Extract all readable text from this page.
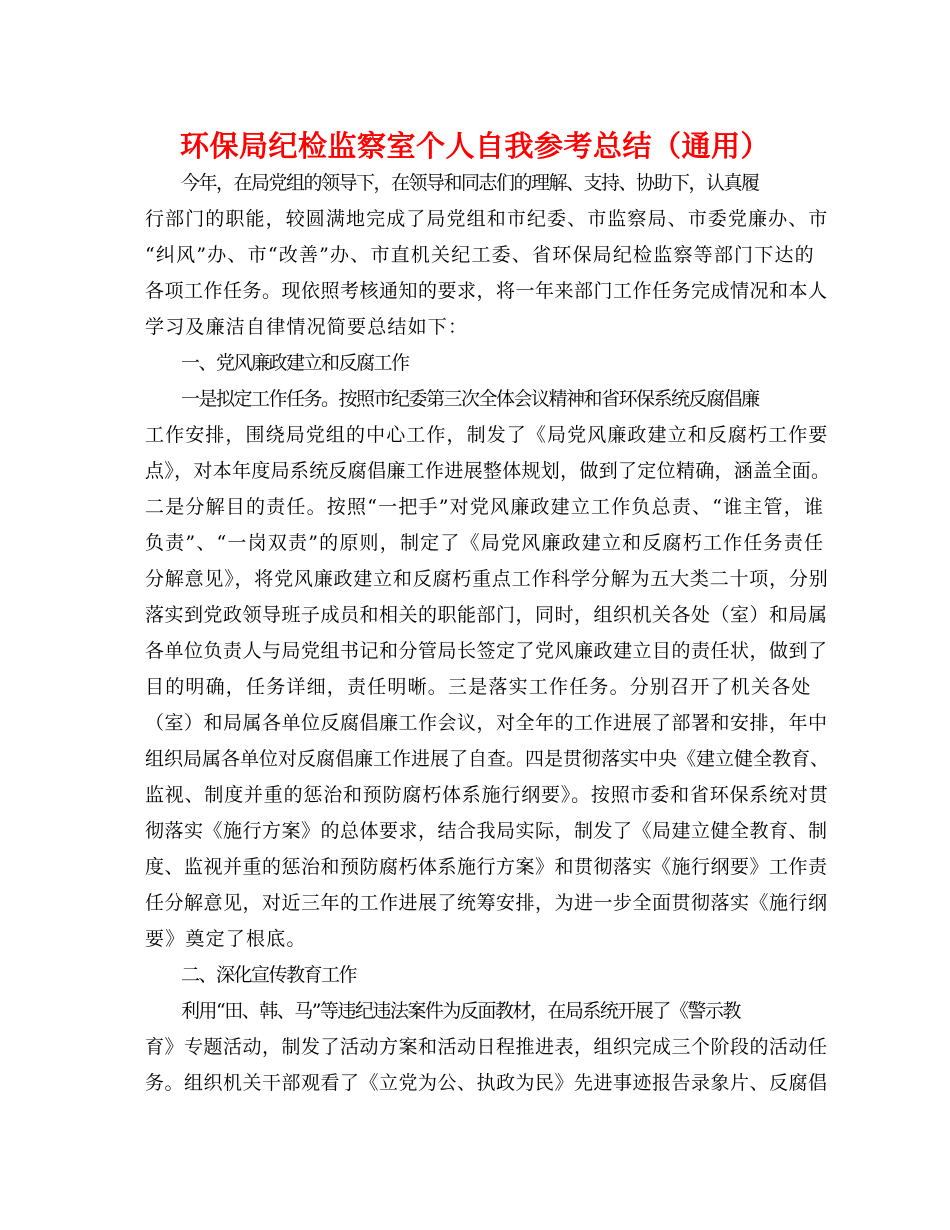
环保局纪检监察室个人自我参考总结（通用）
今年，在局党组的领导下，在领导和同志们的理解、支持、协助下，认真履
行部门的职能，较圆满地完成了局党组和市纪委、市监察局、市委党廉办、市
“纠风”办、市“改善”办、市直机关纪工委、省环保局纪检监察等部门下达的
各项工作任务。现依照考核通知的要求，将一年来部门工作任务完成情况和本人
学习及廉洁自律情况简要总结如下：
一、党风廉政建立和反腐工作
一是拟定工作任务。按照市纪委第三次全体会议精神和省环保系统反腐倡廉
工作安排，围绕局党组的中心工作，制发了《局党风廉政建立和反腐朽工作要
点》，对本年度局系统反腐倡廉工作进展整体规划，做到了定位精确，涵盖全面。
二是分解目的责任。按照“一把手”对党风廉政建立工作负总责、“谁主管，谁
负责”、“一岗双责”的原则，制定了《局党风廉政建立和反腐朽工作任务责任
分解意见》，将党风廉政建立和反腐朽重点工作科学分解为五大类二十项，分别
落实到党政领导班子成员和相关的职能部门，同时，组织机关各处（室）和局属
各单位负责人与局党组书记和分管局长签定了党风廉政建立目的责任状，做到了
目的明确，任务详细，责任明晰。三是落实工作任务。分别召开了机关各处
（室）和局属各单位反腐倡廉工作会议，对全年的工作进展了部署和安排，年中
组织局属各单位对反腐倡廉工作进展了自查。四是贯彻落实中央《建立健全教育、
监视、制度并重的惩治和预防腐朽体系施行纲要》。按照市委和省环保系统对贯
彻落实《施行方案》的总体要求，结合我局实际，制发了《局建立健全教育、制
度、监视并重的惩治和预防腐朽体系施行方案》和贯彻落实《施行纲要》工作责
任分解意见，对近三年的工作进展了统筹安排，为进一步全面贯彻落实《施行纲
要》奠定了根底。
二、深化宣传教育工作
利用“田、韩、马”等违纪违法案件为反面教材，在局系统开展了《警示教
育》专题活动，制发了活动方案和活动日程推进表，组织完成三个阶段的活动任
务。组织机关干部观看了《立党为公、执政为民》先进事迹报告录象片、反腐倡
